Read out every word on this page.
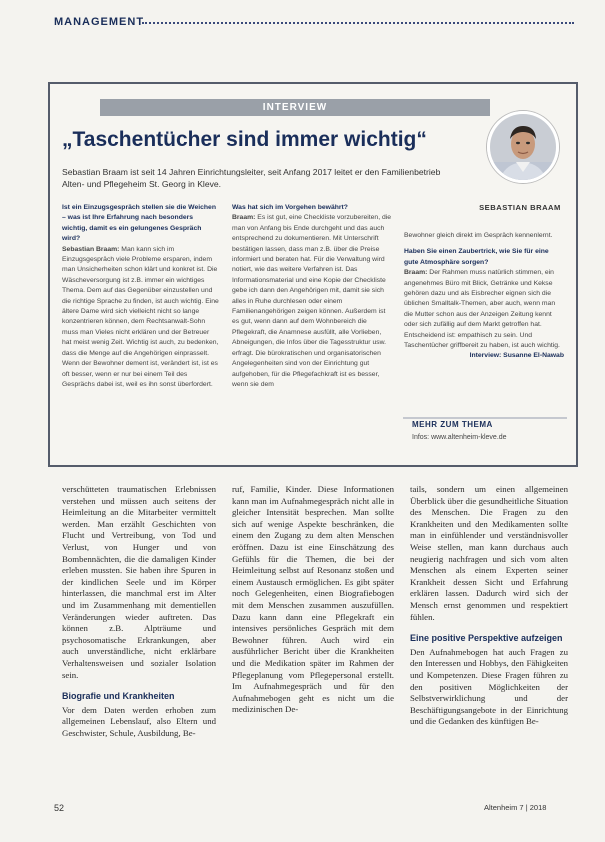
MANAGEMENT
INTERVIEW
„Taschentücher sind immer wichtig“
Sebastian Braam ist seit 14 Jahren Einrichtungsleiter, seit Anfang 2017 leitet er den Familienbetrieb Alten- und Pflegeheim St. Georg in Kleve.
SEBASTIAN BRAAM

Ist ein Einzugsgespräch stellen sie die Weichen – was ist Ihre Erfahrung nach besonders wichtig, damit es ein gelungenes Gespräch wird?

Sebastian Braam: Man kann sich im Einzugsgespräch viele Probleme ersparen, indem man Unsicherheiten schon klärt und konkret ist. Die Wäscheversorgung ist z.B. immer ein wichtiges Thema. Dem auf das Gegenüber einzustellen und die richtige Sprache zu finden, ist auch wichtig. Eine ältere Dame wird sich vielleicht nicht so lange konzentrieren können, dem Rechtsanwalt-Sohn muss man Vieles nicht erklären und der Betreuer hat meist wenig Zeit. Wichtig ist auch, zu bedenken, dass die Menge auf die Angehörigen einprasselt. Wenn der Bewohner dement ist, verändert ist, ist es oft besser, wenn er nur bei einem Teil des Gesprächs dabei ist, weil es ihn sonst überfordert.

Was hat sich im Vorgehen bewährt?

Braam: Es ist gut, eine Checkliste vorzubereiten, die man von Anfang bis Ende durchgeht und das auch entsprechend zu dokumentieren. Mit Unterschrift bestätigen lassen, dass man z.B. über die Preise informiert und beraten hat. Für die Verwaltung wird notiert, wie das weitere Verfahren ist. Das Informationsmaterial und eine Kopie der Checkliste gebe ich dann den Angehörigen mit, damit sie sich alles in Ruhe durchlesen oder einem Familienangehörigen zeigen können. Außerdem ist es gut, wenn dann auf dem Wohnbereich die Pflegekraft, die Anamnese ausfüllt, alle Vorlieben, Abneigungen, die Infos über die Tagesstruktur usw. erfragt. Die bürokratischen und organisatorischen Angelegenheiten sind von der Einrichtung gut aufgehoben, für die Pflegefachkraft ist es besser, wenn sie dem

Bewohner gleich direkt im Gespräch kennenlernt.

Haben Sie einen Zaubertrick, wie Sie für eine gute Atmosphäre sorgen?

Braam: Der Rahmen muss natürlich stimmen, ein angenehmes Büro mit Blick, Getränke und Kekse gehören dazu und als Eisbrecher eignen sich die üblichen Smalltalk-Themen, aber auch, wenn man die Mutter schon aus der Anzeigen Zeitung kennt oder sich zufällig auf dem Markt getroffen hat. Entscheidend ist: empathisch zu sein. Und Taschentücher griffbereit zu haben, ist auch wichtig.

Interview: Susanne El-Nawab

MEHR ZUM THEMA
Infos: www.altenheim-kleve.de

verschütteten traumatischen Erlebnissen verstehen und müssen auch seitens der Heimleitung an die Mitarbeiter vermittelt werden. Man erzählt Geschichten von Flucht und Vertreibung, von Tod und Verlust, von Hunger und von Bombennächten, die die damaligen Kinder erleben mussten. Sie haben ihre Spuren in der kindlichen Seele und im Körper hinterlassen, die manchmal erst im Alter und im Zusammenhang mit dementiellen Veränderungen wieder auftreten. Das können z.B. Alpträume und psychosomatische Erkrankungen, aber auch unverständliche, nicht erklärbare Verhaltensweisen und sozialer Isolation sein.

Biografie und Krankheiten

Vor dem Daten werden erhoben zum allgemeinen Lebenslauf, also Eltern und Geschwister, Schule, Ausbildung, Be-

ruf, Familie, Kinder. Diese Informationen kann man im Aufnahmegespräch nicht alle in gleicher Intensität besprechen. Man sollte sich auf wenige Aspekte beschränken, die einem den Zugang zu dem alten Menschen eröffnen. Dazu ist eine Einschätzung des Gefühls für die Themen, die bei der Heimleitung selbst auf Resonanz stoßen und einem Austausch ermöglichen. Es gibt später noch Gelegenheiten, einen Biografiebogen mit dem Menschen zusammen auszufüllen. Dazu kann dann eine Pflegekraft ein intensives persönliches Gespräch mit dem Bewohner führen. Auch wird ein ausführlicher Bericht über die Krankheiten und die Medikation später im Rahmen der Pflegeplanung vom Pflegepersonal erstellt. Im Aufnahmegespräch und für den Aufnahmebogen geht es nicht um die medizinischen De-

tails, sondern um einen allgemeinen Überblick über die gesundheitliche Situation des Menschen. Die Fragen zu den Krankheiten und den Medikamenten sollte man in einfühlender und verständnisvoller Weise stellen, man kann durchaus auch neugierig nachfragen und sich vom alten Menschen als einem Experten seiner Krankheit dessen Sicht und Erfahrung erklären lassen. Dadurch wird sich der Mensch ernst genommen und respektiert fühlen.

Eine positive Perspektive aufzeigen

Den Aufnahmebogen hat auch Fragen zu den Interessen und Hobbys, den Fähigkeiten und Kompetenzen. Diese Fragen führen zu den positiven Möglichkeiten der Selbstverwirklichung und der Beschäftigungsangebote in der Einrichtung und die Gedanken des künftigen Be-

52	Altenheim 7 | 2018
